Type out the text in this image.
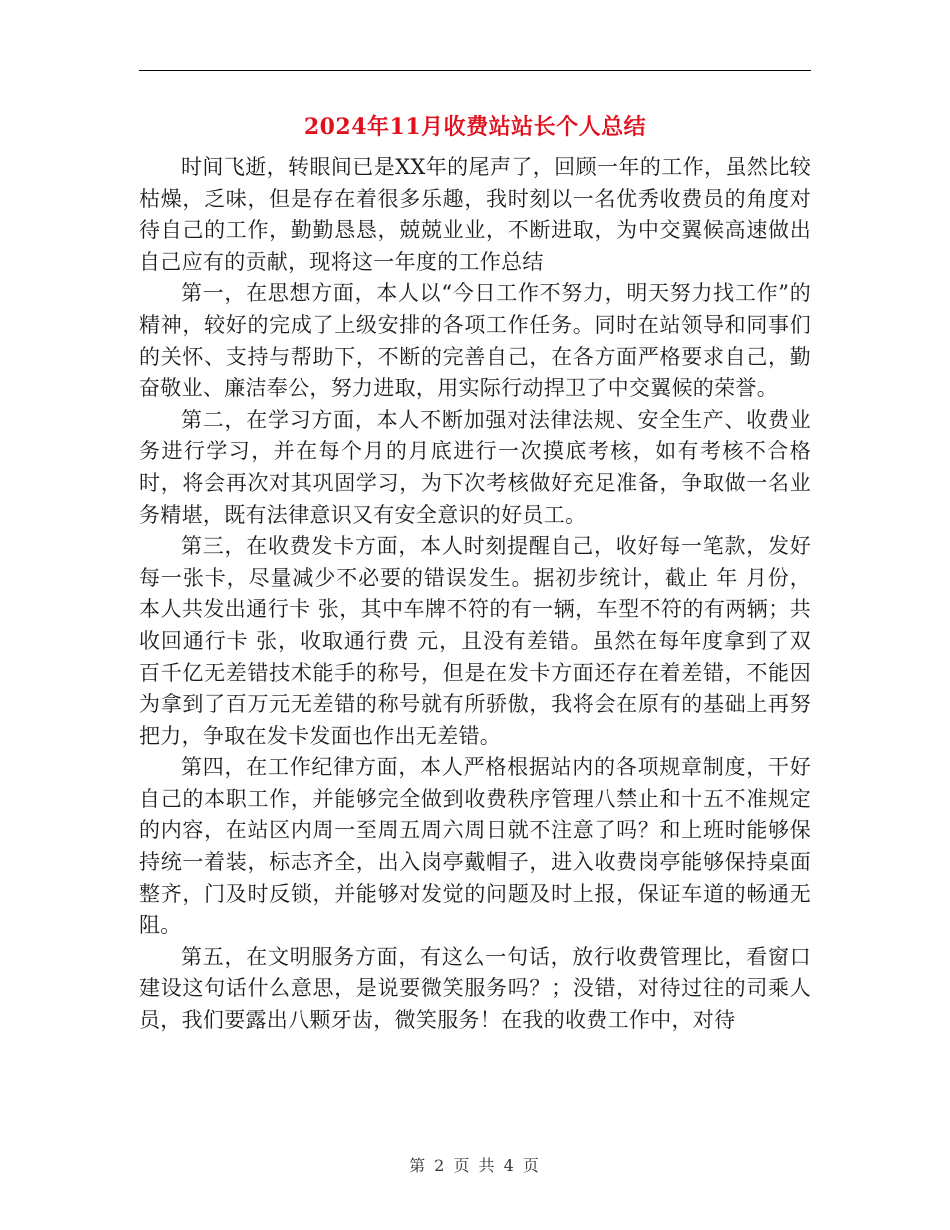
2024年11月收费站站长个人总结

时间飞逝，转眼间已是XX年的尾声了，回顾一年的工作，虽然比较枯燥，乏味，但是存在着很多乐趣，我时刻以一名优秀收费员的角度对待自己的工作，勤勤恳恳，兢兢业业，不断进取，为中交翼候高速做出自己应有的贡献，现将这一年度的工作总结

第一，在思想方面，本人以“今日工作不努力，明天努力找工作”的精神，较好的完成了上级安排的各项工作任务。同时在站领导和同事们的关怀、支持与帮助下，不断的完善自己，在各方面严格要求自己，勤奋敬业、廉洁奉公，努力进取，用实际行动捍卫了中交翼候的荣誉。

第二，在学习方面，本人不断加强对法律法规、安全生产、收费业务进行学习，并在每个月的月底进行一次摸底考核，如有考核不合格时，将会再次对其巩固学习，为下次考核做好充足准备，争取做一名业务精堪，既有法律意识又有安全意识的好员工。

第三，在收费发卡方面，本人时刻提醒自己，收好每一笔款，发好每一张卡，尽量减少不必要的错误发生。据初步统计，截止 年 月份，本人共发出通行卡 张，其中车牌不符的有一辆，车型不符的有两辆；共收回通行卡 张，收取通行费 元，且没有差错。虽然在每年度拿到了双百千亿无差错技术能手的称号，但是在发卡方面还存在着差错，不能因为拿到了百万元无差错的称号就有所骄傲，我将会在原有的基础上再努把力，争取在发卡发面也作出无差错。

第四，在工作纪律方面，本人严格根据站内的各项规章制度，干好自己的本职工作，并能够完全做到收费秩序管理八禁止和十五不准规定的内容，在站区内周一至周五周六周日就不注意了吗？和上班时能够保持统一着装，标志齐全，出入岗亭戴帽子，进入收费岗亭能够保持桌面整齐，门及时反锁，并能够对发觉的问题及时上报，保证车道的畅通无阻。

第五，在文明服务方面，有这么一句话，放行收费管理比，看窗口建设这句话什么意思，是说要微笑服务吗？；没错，对待过往的司乘人员，我们要露出八颗牙齿，微笑服务！在我的收费工作中，对待

第 2 页 共 4 页
